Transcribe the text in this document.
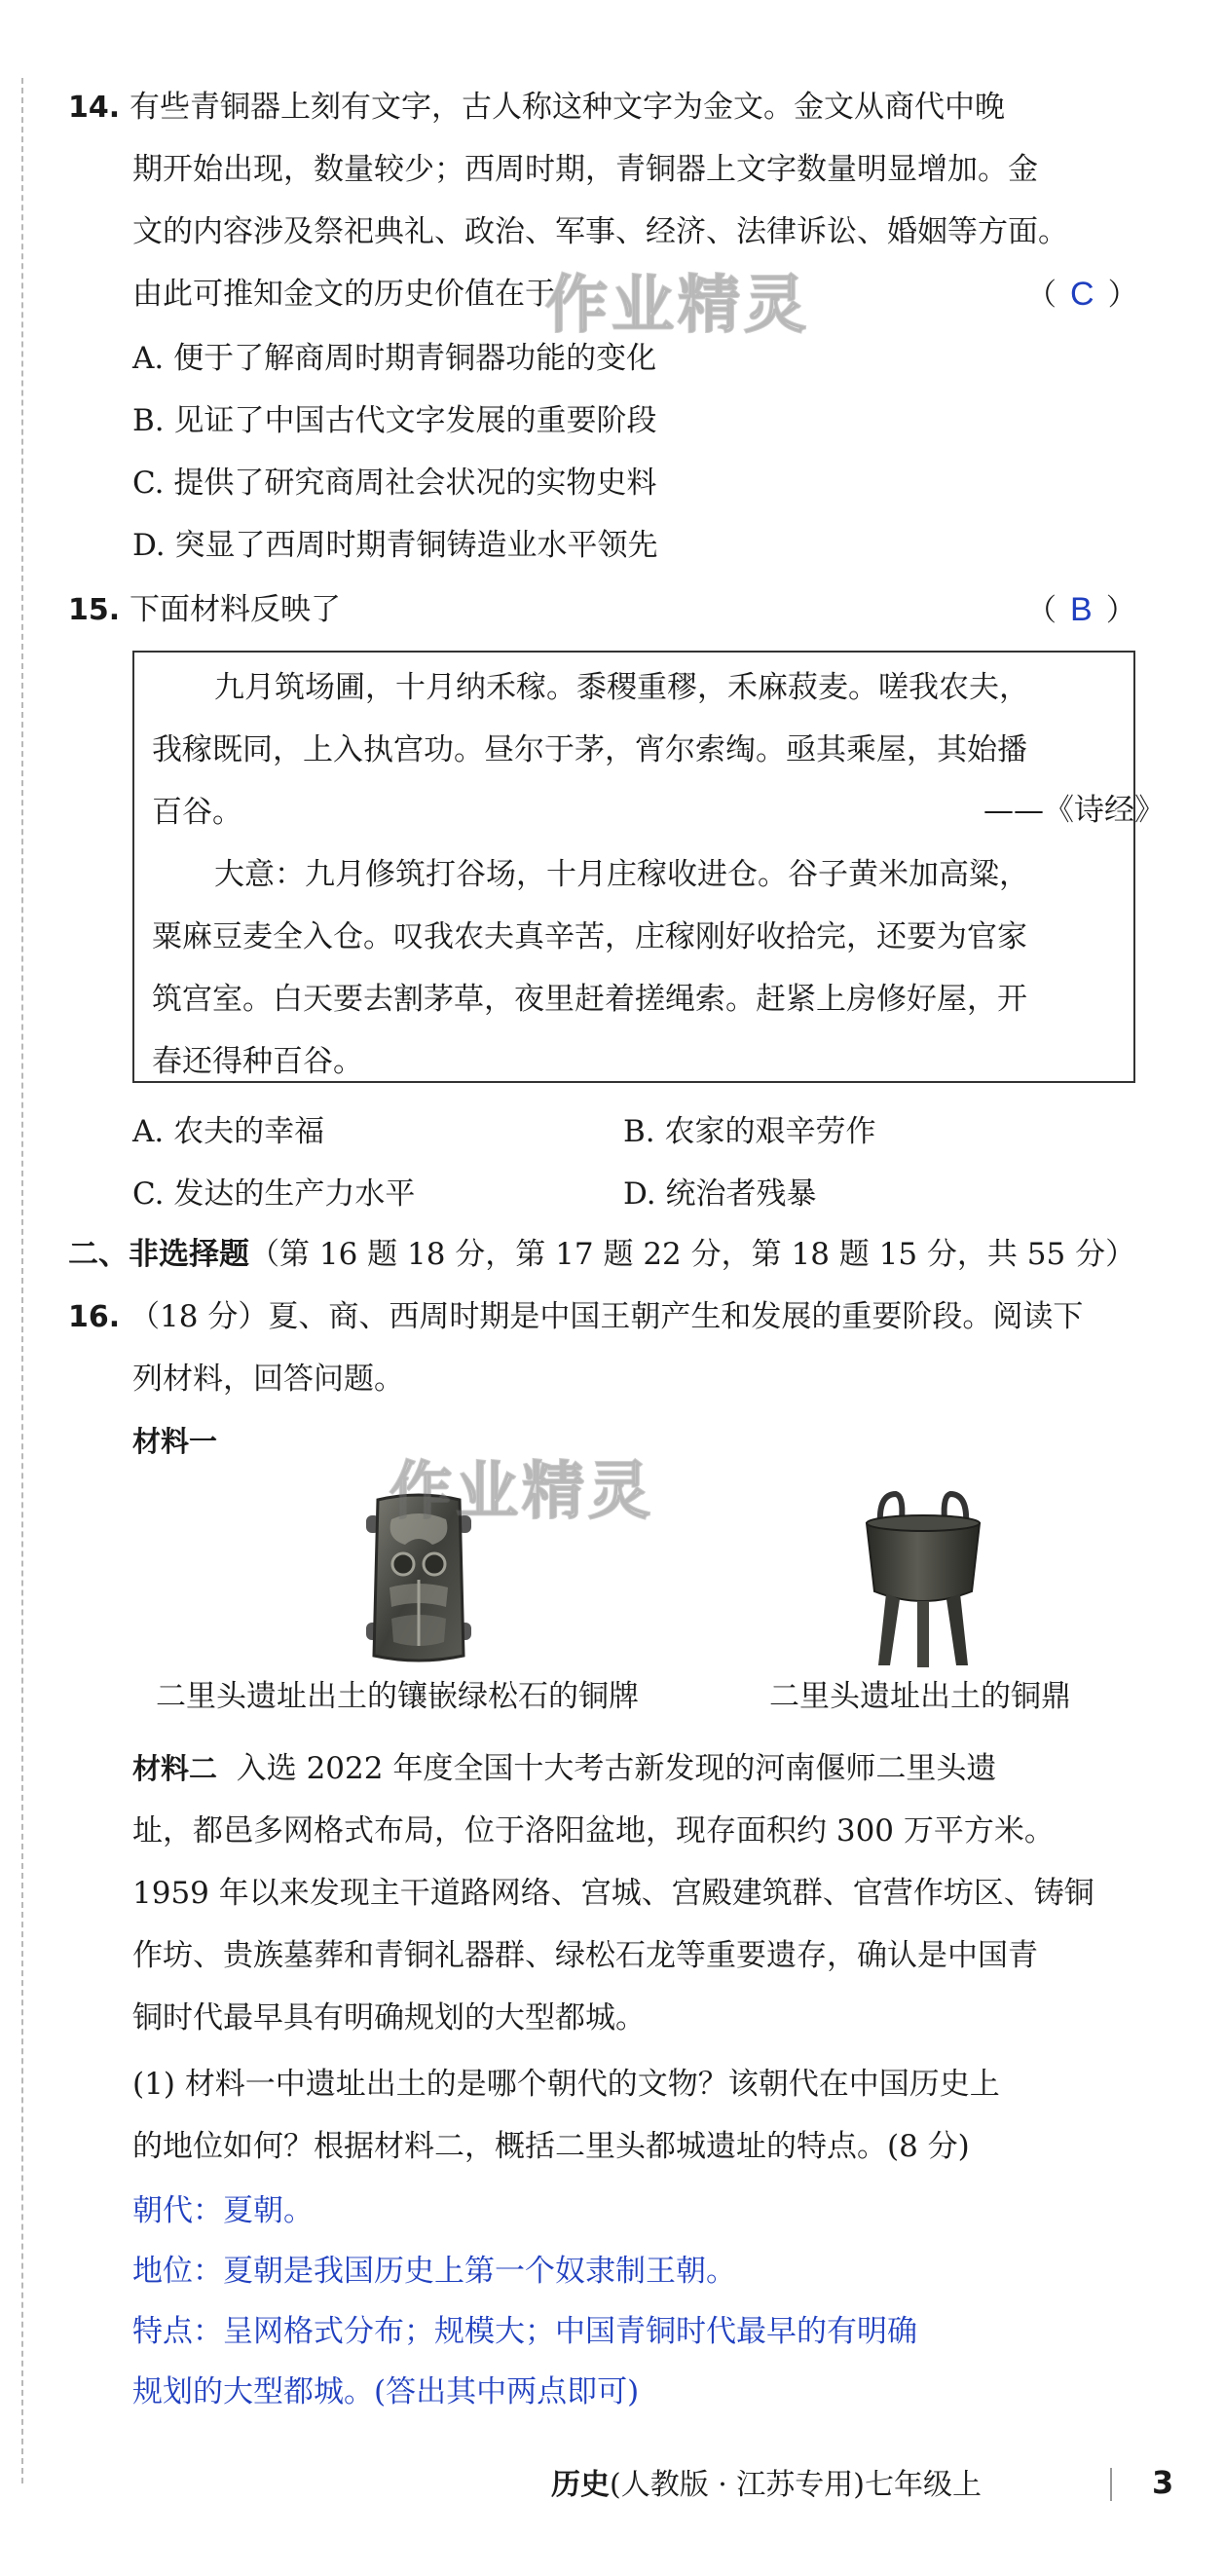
14. 有些青铜器上刻有文字，古人称这种文字为金文。金文从商代中晚
期开始出现，数量较少；西周时期，青铜器上文字数量明显增加。金
文的内容涉及祭祀典礼、政治、军事、经济、法律诉讼、婚姻等方面。
由此可推知金文的历史价值在于	（ C ）
A. 便于了解商周时期青铜器功能的变化
B. 见证了中国古代文字发展的重要阶段
C. 提供了研究商周社会状况的实物史料
D. 突显了西周时期青铜铸造业水平领先
15. 下面材料反映了	（ B ）
九月筑场圃，十月纳禾稼。黍稷重穋，禾麻菽麦。嗟我农夫，
我稼既同，上入执宫功。昼尔于茅，宵尔索绹。亟其乘屋，其始播
百谷。	——《诗经》
大意：九月修筑打谷场，十月庄稼收进仓。谷子黄米加高粱，
粟麻豆麦全入仓。叹我农夫真辛苦，庄稼刚好收拾完，还要为官家
筑宫室。白天要去割茅草，夜里赶着搓绳索。赶紧上房修好屋，开
春还得种百谷。
A. 农夫的幸福	B. 农家的艰辛劳作
C. 发达的生产力水平	D. 统治者残暴
二、非选择题（第 16 题 18 分，第 17 题 22 分，第 18 题 15 分，共 55 分）
16. （18 分）夏、商、西周时期是中国王朝产生和发展的重要阶段。阅读下
列材料，回答问题。
材料一
二里头遗址出土的镶嵌绿松石的铜牌	二里头遗址出土的铜鼎
材料二 入选 2022 年度全国十大考古新发现的河南偃师二里头遗
址，都邑多网格式布局，位于洛阳盆地，现存面积约 300 万平方米。
1959 年以来发现主干道路网络、宫城、宫殿建筑群、官营作坊区、铸铜
作坊、贵族墓葬和青铜礼器群、绿松石龙等重要遗存，确认是中国青
铜时代最早具有明确规划的大型都城。
(1) 材料一中遗址出土的是哪个朝代的文物？该朝代在中国历史上
的地位如何？根据材料二，概括二里头都城遗址的特点。(8 分)
朝代：夏朝。
地位：夏朝是我国历史上第一个奴隶制王朝。
特点：呈网格式分布；规模大；中国青铜时代最早的有明确
规划的大型都城。(答出其中两点即可)
作业精灵
作业精灵
历史(人教版 · 江苏专用)七年级上	3
